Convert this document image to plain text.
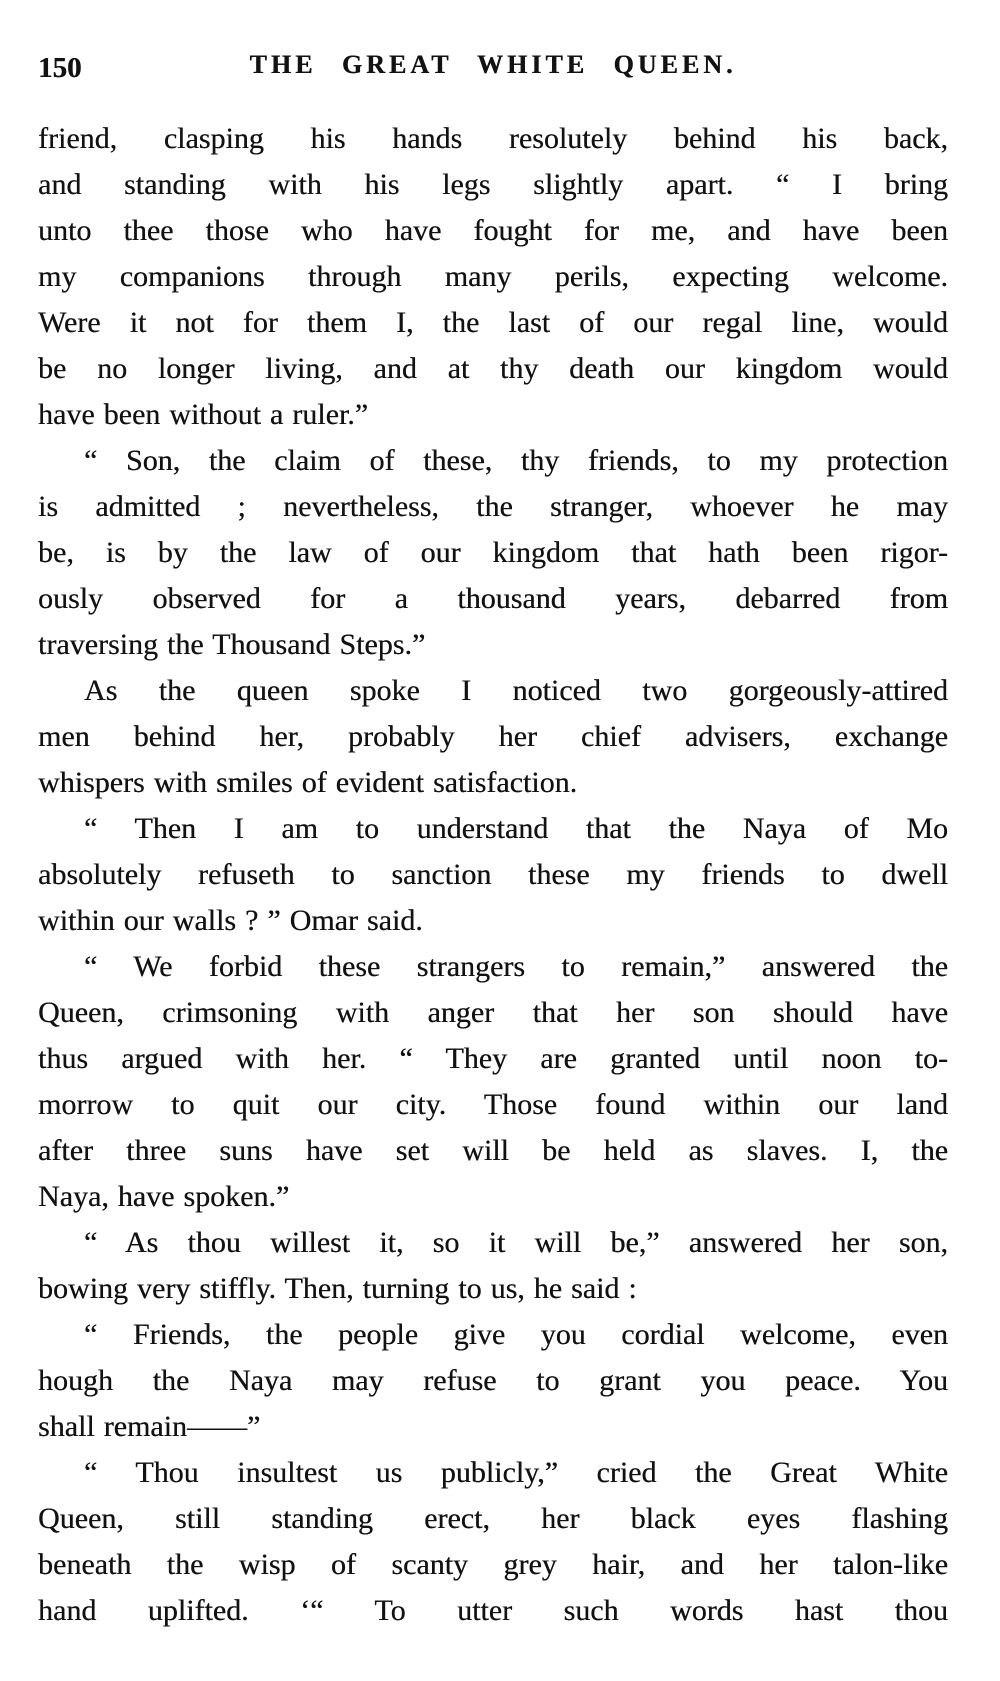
150	THE GREAT WHITE QUEEN.
friend, clasping his hands resolutely behind his back,
and standing with his legs slightly apart. “ I bring
unto thee those who have fought for me, and have been
my companions through many perils, expecting welcome.
Were it not for them I, the last of our regal line, would
be no longer living, and at thy death our kingdom would
have been without a ruler.”
“ Son, the claim of these, thy friends, to my protection
is admitted ; nevertheless, the stranger, whoever he may
be, is by the law of our kingdom that hath been rigor-
ously observed for a thousand years, debarred from
traversing the Thousand Steps.”
As the queen spoke I noticed two gorgeously-attired
men behind her, probably her chief advisers, exchange
whispers with smiles of evident satisfaction.
“ Then I am to understand that the Naya of Mo
absolutely refuseth to sanction these my friends to dwell
within our walls ? ” Omar said.
“ We forbid these strangers to remain,” answered the
Queen, crimsoning with anger that her son should have
thus argued with her. “ They are granted until noon to-
morrow to quit our city. Those found within our land
after three suns have set will be held as slaves. I, the
Naya, have spoken.”
“ As thou willest it, so it will be,” answered her son,
bowing very stiffly. Then, turning to us, he said :
“ Friends, the people give you cordial welcome, even
hough the Naya may refuse to grant you peace. You
shall remain——”
“ Thou insultest us publicly,” cried the Great White
Queen, still standing erect, her black eyes flashing
beneath the wisp of scanty grey hair, and her talon-like
hand uplifted. ‘“ To utter such words hast thou
